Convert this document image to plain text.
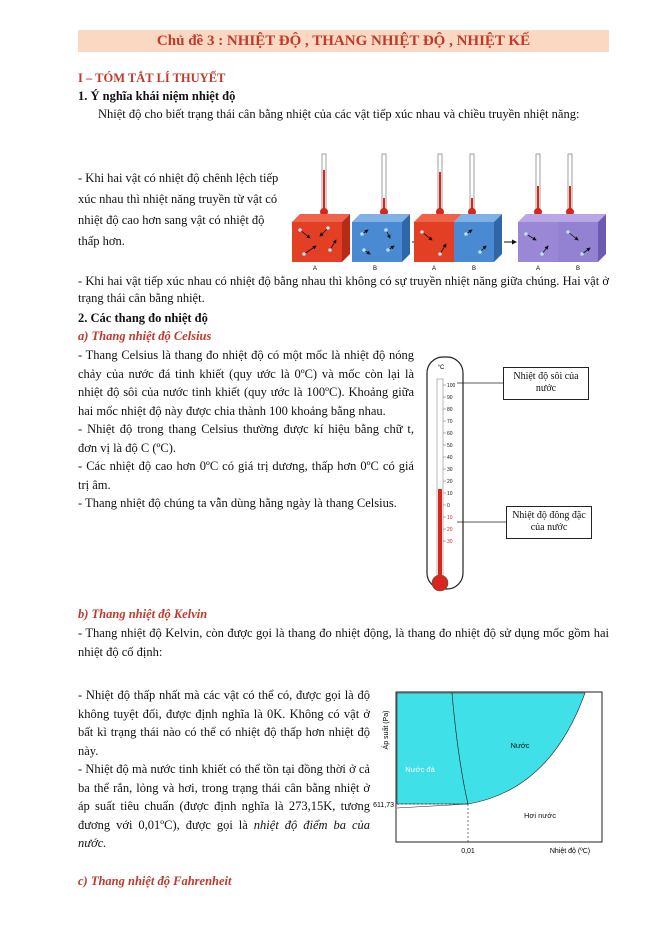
Chủ đề 3 : NHIỆT ĐỘ , THANG NHIỆT ĐỘ , NHIỆT KẾ
I – TÓM TẮT LÍ THUYẾT
1. Ý nghĩa khái niệm nhiệt độ

Nhiệt độ cho biết trạng thái cân bằng nhiệt của các vật tiếp xúc nhau và chiều truyền nhiệt năng:

- Khi hai vật có nhiệt độ chênh lệch tiếp xúc nhau thì nhiệt năng truyền từ vật có nhiệt độ cao hơn sang vật có nhiệt độ thấp hơn.

A	B	A	B	A	B

- Khi hai vật tiếp xúc nhau có nhiệt độ bằng nhau thì không có sự truyền nhiệt năng giữa chúng. Hai vật ở trạng thái cân bằng nhiệt.

2. Các thang đo nhiệt độ
a) Thang nhiệt độ Celsius

- Thang Celsius là thang đo nhiệt độ có một mốc là nhiệt độ nóng chảy của nước đá tinh khiết (quy ước là 0ºC) và mốc còn lại là nhiệt độ sôi của nước tinh khiết (quy ước là 100ºC). Khoảng giữa hai mốc nhiệt độ này được chia thành 100 khoảng bằng nhau.

- Nhiệt độ trong thang Celsius thường được kí hiệu bằng chữ t, đơn vị là độ C (ºC).

- Các nhiệt độ cao hơn 0ºC có giá trị dương, thấp hơn 0ºC có giá trị âm.

- Thang nhiệt độ chúng ta vẫn dùng hằng ngày là thang Celsius.

°C
100
90
80
70
60
50
40
30
20
10
0
10
20
30
Nhiệt độ sôi của nước
Nhiệt độ đông đặc của nước
b) Thang nhiệt độ Kelvin

- Thang nhiệt độ Kelvin, còn được gọi là thang đo nhiệt động, là thang đo nhiệt độ sử dụng mốc gồm hai nhiệt độ cố định:

- Nhiệt độ thấp nhất mà các vật có thể có, được gọi là độ không tuyệt đối, được định nghĩa là 0K. Không có vật ở bất kì trạng thái nào có thể có nhiệt độ thấp hơn nhiệt độ này.

- Nhiệt độ mà nước tinh khiết có thể tồn tại đồng thời ở cả ba thể rắn, lỏng và hơi, trong trạng thái cân bằng nhiệt ở áp suất tiêu chuẩn (được định nghĩa là 273,15K, tương đương với 0,01ºC), được gọi là nhiệt độ điểm ba của nước.

c) Thang nhiệt độ Fahrenheit
Nước đá
Nước
Hơi nước
611,73
0,01	Nhiệt độ (ºC)
Áp suất (Pa)
